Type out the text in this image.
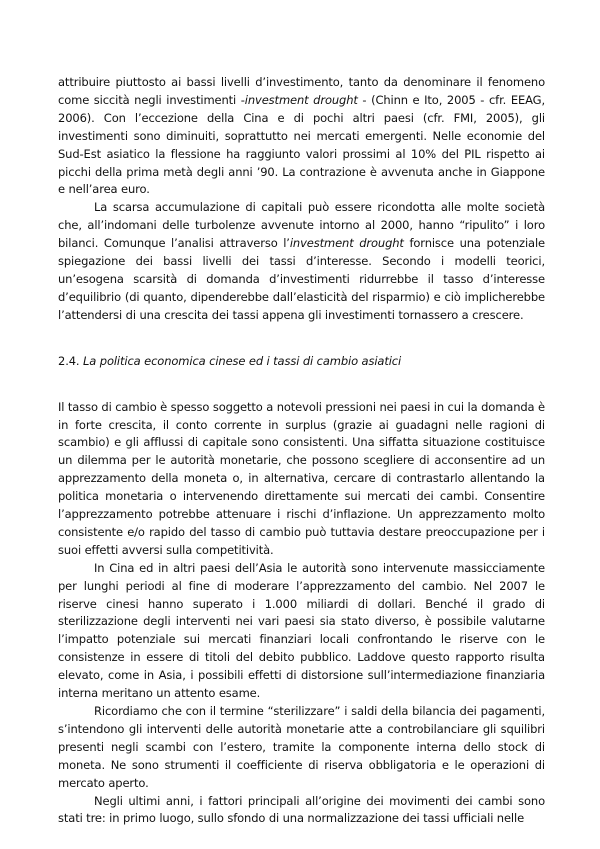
attribuire piuttosto ai bassi livelli d’investimento, tanto da denominare il fenomeno come siccità negli investimenti -investment drought - (Chinn e Ito, 2005 - cfr. EEAG, 2006). Con l’eccezione della Cina e di pochi altri paesi (cfr. FMI, 2005), gli investimenti sono diminuiti, soprattutto nei mercati emergenti. Nelle economie del Sud-Est asiatico la flessione ha raggiunto valori prossimi al 10% del PIL rispetto ai picchi della prima metà degli anni ’90. La contrazione è avvenuta anche in Giappone e nell’area euro.

La scarsa accumulazione di capitali può essere ricondotta alle molte società che, all’indomani delle turbolenze avvenute intorno al 2000, hanno “ripulito” i loro bilanci. Comunque l’analisi attraverso l’investment drought fornisce una potenziale spiegazione dei bassi livelli dei tassi d’interesse. Secondo i modelli teorici, un’esogena scarsità di domanda d’investimenti ridurrebbe il tasso d’interesse d’equilibrio (di quanto, dipenderebbe dall’elasticità del risparmio) e ciò implicherebbe l’attendersi di una crescita dei tassi appena gli investimenti tornassero a crescere.

2.4. La politica economica cinese ed i tassi di cambio asiatici

Il tasso di cambio è spesso soggetto a notevoli pressioni nei paesi in cui la domanda è in forte crescita, il conto corrente in surplus (grazie ai guadagni nelle ragioni di scambio) e gli afflussi di capitale sono consistenti. Una siffatta situazione costituisce un dilemma per le autorità monetarie, che possono scegliere di acconsentire ad un apprezzamento della moneta o, in alternativa, cercare di contrastarlo allentando la politica monetaria o intervenendo direttamente sui mercati dei cambi. Consentire l’apprezzamento potrebbe attenuare i rischi d’inflazione. Un apprezzamento molto consistente e/o rapido del tasso di cambio può tuttavia destare preoccupazione per i suoi effetti avversi sulla competitività.

In Cina ed in altri paesi dell’Asia le autorità sono intervenute massicciamente per lunghi periodi al fine di moderare l’apprezzamento del cambio. Nel 2007 le riserve cinesi hanno superato i 1.000 miliardi di dollari. Benché il grado di sterilizzazione degli interventi nei vari paesi sia stato diverso, è possibile valutarne l’impatto potenziale sui mercati finanziari locali confrontando le riserve con le consistenze in essere di titoli del debito pubblico. Laddove questo rapporto risulta elevato, come in Asia, i possibili effetti di distorsione sull’intermediazione finanziaria interna meritano un attento esame.

Ricordiamo che con il termine “sterilizzare” i saldi della bilancia dei pagamenti, s’intendono gli interventi delle autorità monetarie atte a controbilanciare gli squilibri presenti negli scambi con l’estero, tramite la componente interna dello stock di moneta. Ne sono strumenti il coefficiente di riserva obbligatoria e le operazioni di mercato aperto.

Negli ultimi anni, i fattori principali all’origine dei movimenti dei cambi sono stati tre: in primo luogo, sullo sfondo di una normalizzazione dei tassi ufficiali nelle
